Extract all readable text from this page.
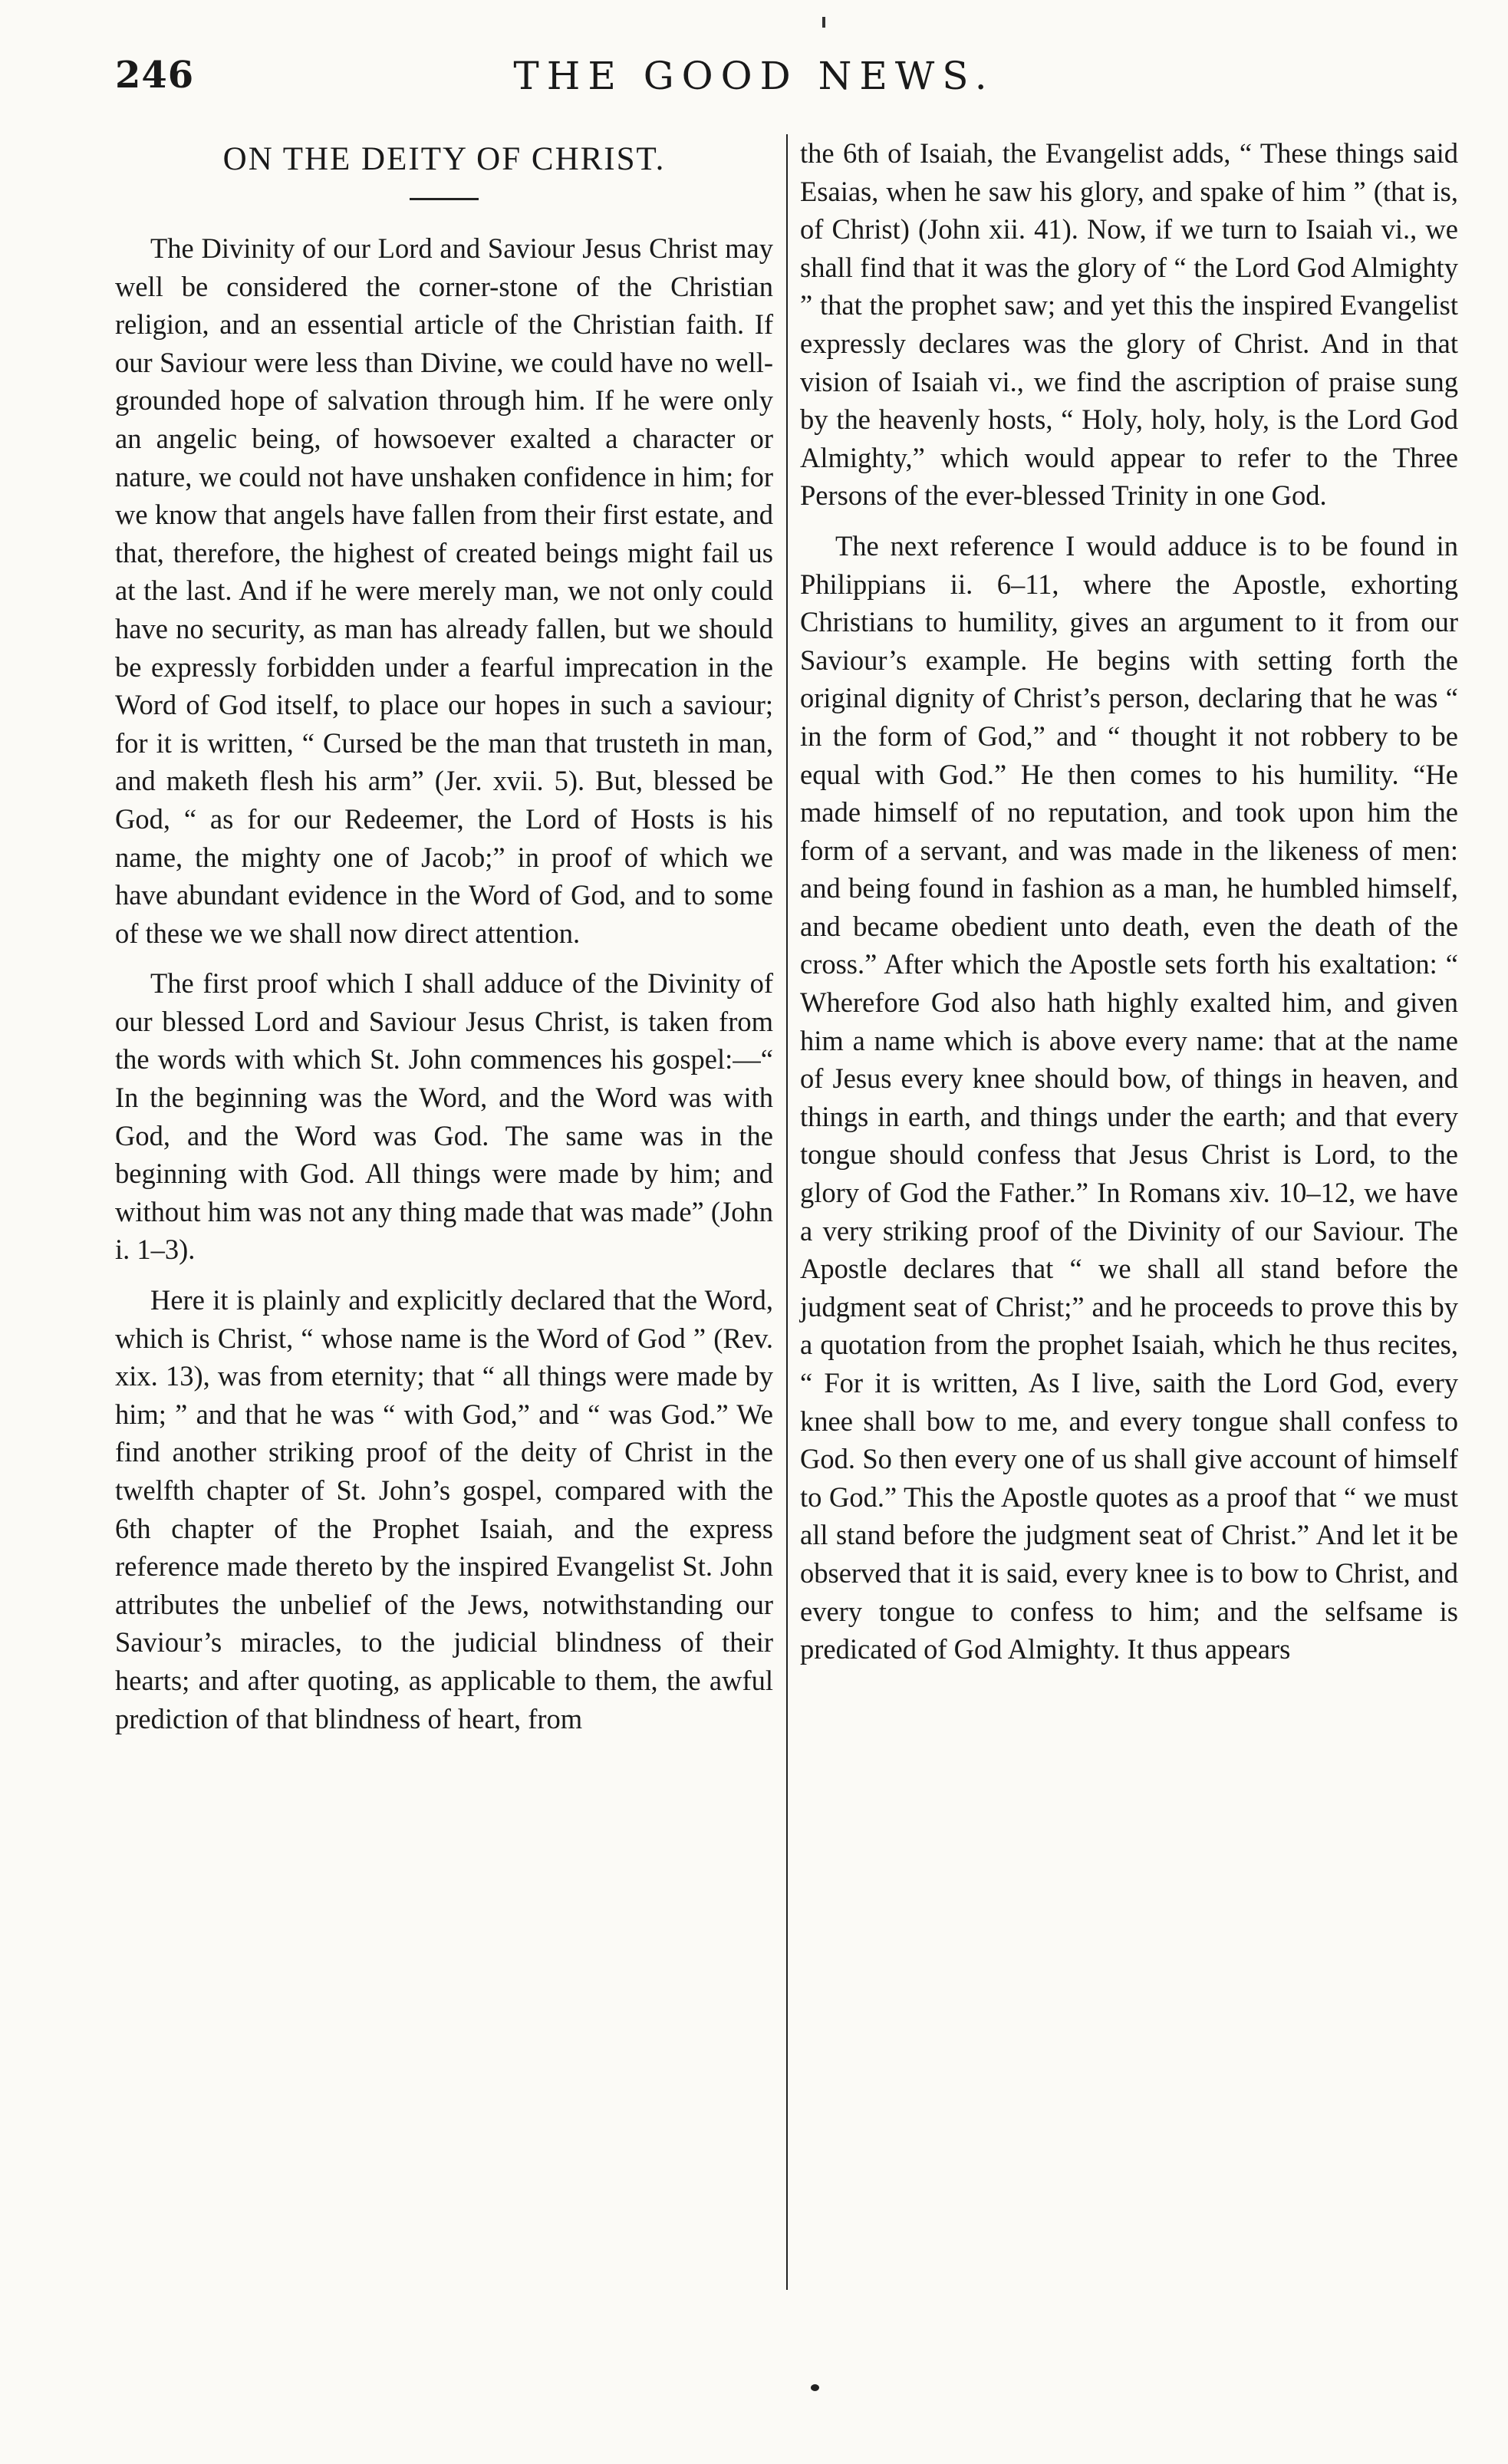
246	THE GOOD NEWS.
ON THE DEITY OF CHRIST.

The Divinity of our Lord and Saviour Jesus Christ may well be considered the corner-stone of the Christian religion, and an essential article of the Christian faith. If our Saviour were less than Divine, we could have no well-grounded hope of salvation through him. If he were only an angelic being, of howsoever exalted a character or nature, we could not have unshaken confidence in him; for we know that angels have fallen from their first estate, and that, therefore, the highest of created beings might fail us at the last. And if he were merely man, we not only could have no security, as man has already fallen, but we should be expressly forbidden under a fearful imprecation in the Word of God itself, to place our hopes in such a saviour; for it is written, “ Cursed be the man that trusteth in man, and maketh flesh his arm” (Jer. xvii. 5). But, blessed be God, “ as for our Redeemer, the Lord of Hosts is his name, the mighty one of Jacob;” in proof of which we have abundant evidence in the Word of God, and to some of these we we shall now direct attention.

The first proof which I shall adduce of the Divinity of our blessed Lord and Saviour Jesus Christ, is taken from the words with which St. John commences his gospel:—“ In the beginning was the Word, and the Word was with God, and the Word was God. The same was in the beginning with God. All things were made by him; and without him was not any thing made that was made” (John i. 1–3).

Here it is plainly and explicitly declared that the Word, which is Christ, “ whose name is the Word of God ” (Rev. xix. 13), was from eternity; that “ all things were made by him; ” and that he was “ with God,” and “ was God.” We find another striking proof of the deity of Christ in the twelfth chapter of St. John’s gospel, compared with the 6th chapter of the Prophet Isaiah, and the express reference made thereto by the inspired Evangelist St. John attributes the unbelief of the Jews, notwithstanding our Saviour’s miracles, to the judicial blindness of their hearts; and after quoting, as applicable to them, the awful prediction of that blindness of heart, from

the 6th of Isaiah, the Evangelist adds, “ These things said Esaias, when he saw his glory, and spake of him ” (that is, of Christ) (John xii. 41). Now, if we turn to Isaiah vi., we shall find that it was the glory of “ the Lord God Almighty ” that the prophet saw; and yet this the inspired Evangelist expressly declares was the glory of Christ. And in that vision of Isaiah vi., we find the ascription of praise sung by the heavenly hosts, “ Holy, holy, holy, is the Lord God Almighty,” which would appear to refer to the Three Persons of the ever-blessed Trinity in one God.

The next reference I would adduce is to be found in Philippians ii. 6–11, where the Apostle, exhorting Christians to humility, gives an argument to it from our Saviour’s example. He begins with setting forth the original dignity of Christ’s person, declaring that he was “ in the form of God,” and “ thought it not robbery to be equal with God.” He then comes to his humility. “He made himself of no reputation, and took upon him the form of a servant, and was made in the likeness of men: and being found in fashion as a man, he humbled himself, and became obedient unto death, even the death of the cross.” After which the Apostle sets forth his exaltation: “ Wherefore God also hath highly exalted him, and given him a name which is above every name: that at the name of Jesus every knee should bow, of things in heaven, and things in earth, and things under the earth; and that every tongue should confess that Jesus Christ is Lord, to the glory of God the Father.” In Romans xiv. 10–12, we have a very striking proof of the Divinity of our Saviour. The Apostle declares that “ we shall all stand before the judgment seat of Christ;” and he proceeds to prove this by a quotation from the prophet Isaiah, which he thus recites, “ For it is written, As I live, saith the Lord God, every knee shall bow to me, and every tongue shall confess to God. So then every one of us shall give account of himself to God.” This the Apostle quotes as a proof that “ we must all stand before the judgment seat of Christ.” And let it be observed that it is said, every knee is to bow to Christ, and every tongue to confess to him; and the selfsame is predicated of God Almighty. It thus appears
